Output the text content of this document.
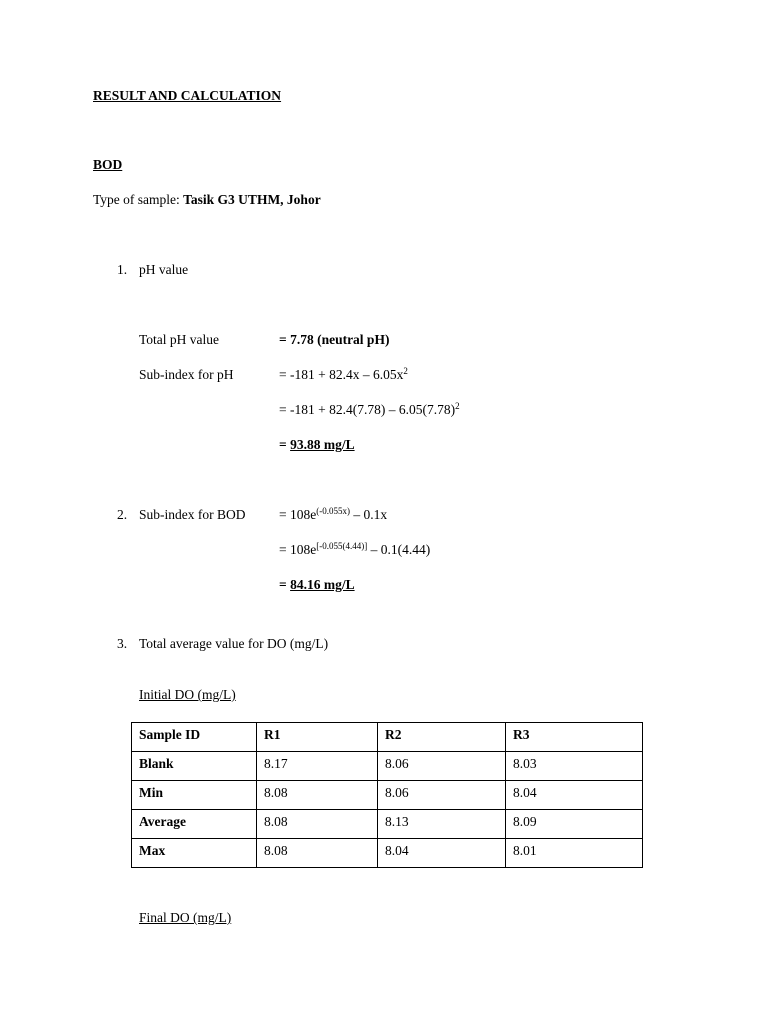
RESULT AND CALCULATION
BOD
Type of sample: Tasik G3 UTHM, Johor
1. pH value
Total pH value	= 7.78 (neutral pH)
Sub-index for pH	= $-181 + 82.4x - 6.05x^2$
= $-181 + 82.4(7.78) - 6.05(7.78)^2$
= 93.88 mg/L
2. Sub-index for BOD = $108e^{(-0.055x)} - 0.1x$
= 108e[-0.055(4.44)] – 0.1(4.44)
= 84.16 mg/L
3. Total average value for DO (mg/L)
Initial DO (mg/L)
Sample ID	R1	R2	R3
Blank	8.17	8.06	8.03
Min	8.08	8.06	8.04
Average	8.08	8.13	8.09
Max	8.08	8.04	8.01
Final DO (mg/L)
